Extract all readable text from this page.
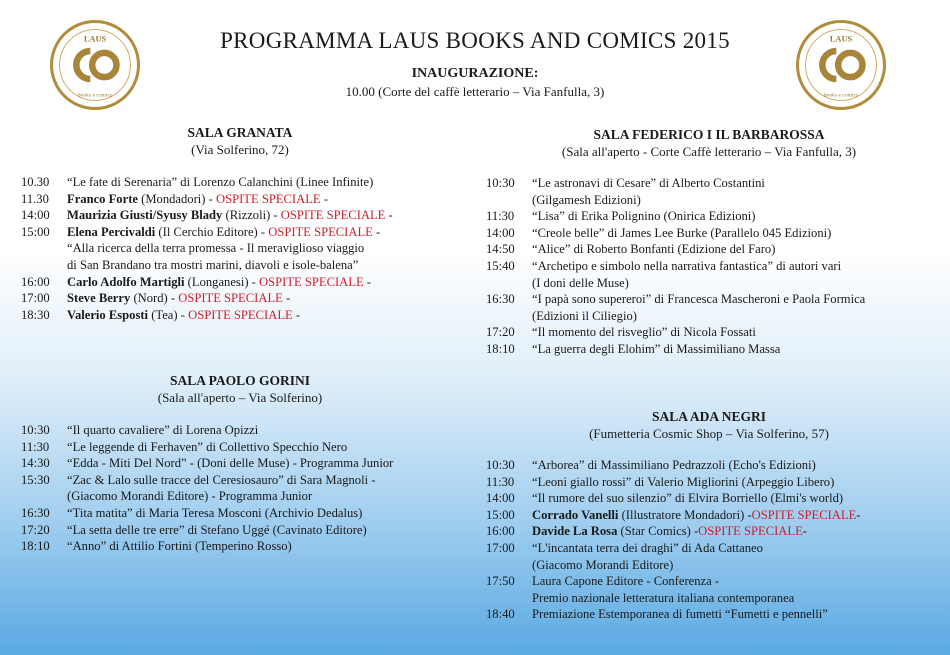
LAUS
books e comics
LAUS
books e comics
PROGRAMMA LAUS BOOKS AND COMICS 2015
INAUGURAZIONE:
10.00 (Corte del caffè letterario – Via Fanfulla, 3)
SALA GRANATA
(Via Solferino, 72)
10.30	“Le fate di Serenaria” di Lorenzo Calanchini (Linee Infinite)
11.30	Franco Forte (Mondadori) - OSPITE SPECIALE -
14:00	Maurizia Giusti/Syusy Blady (Rizzoli) - OSPITE SPECIALE -
15:00	Elena Percivaldi (Il Cerchio Editore) - OSPITE SPECIALE -
“Alla ricerca della terra promessa - Il meraviglioso viaggio
di San Brandano tra mostri marini, diavoli e isole-balena”
16:00	Carlo Adolfo Martigli (Longanesi) - OSPITE SPECIALE -
17:00	Steve Berry (Nord) - OSPITE SPECIALE -
18:30	Valerio Esposti (Tea) - OSPITE SPECIALE -
SALA PAOLO GORINI
(Sala all'aperto – Via Solferino)
10:30	“Il quarto cavaliere” di Lorena Opizzi
11:30	“Le leggende di Ferhaven” di Collettivo Specchio Nero
14:30	“Edda - Miti Del Nord” - (Doni delle Muse) - Programma Junior
15:30	“Zac & Lalo sulle tracce del Ceresiosauro” di Sara Magnoli -
(Giacomo Morandi Editore) - Programma Junior
16:30	“Tita matita” di Maria Teresa Mosconi (Archivio Dedalus)
17:20	“La setta delle tre erre” di Stefano Uggé (Cavinato Editore)
18:10	“Anno” di Attilio Fortini (Temperino Rosso)
SALA FEDERICO I IL BARBAROSSA
(Sala all'aperto - Corte Caffè letterario – Via Fanfulla, 3)
10:30	“Le astronavi di Cesare” di Alberto Costantini
(Gilgamesh Edizioni)
11:30	“Lisa” di Erika Polignino (Onirica Edizioni)
14:00	“Creole belle” di James Lee Burke (Parallelo 045 Edizioni)
14:50	“Alice” di Roberto Bonfanti (Edizione del Faro)
15:40	“Archetipo e simbolo nella narrativa fantastica” di autori vari
(I doni delle Muse)
16:30	“I papà sono supereroi” di Francesca Mascheroni e Paola Formica
(Edizioni il Ciliegio)
17:20	“Il momento del risveglio” di Nicola Fossati
18:10	“La guerra degli Elohim” di Massimiliano Massa
SALA ADA NEGRI
(Fumetteria Cosmic Shop – Via Solferino, 57)
10:30	“Arborea” di Massimiliano Pedrazzoli (Echo's Edizioni)
11:30	“Leoni giallo rossi” di Valerio Migliorini (Arpeggio Libero)
14:00	“Il rumore del suo silenzio” di Elvira Borriello (Elmi's world)
15:00	Corrado Vanelli (Illustratore Mondadori) -OSPITE SPECIALE-
16:00	Davide La Rosa (Star Comics) -OSPITE SPECIALE-
17:00	“L'incantata terra dei draghi” di Ada Cattaneo
(Giacomo Morandi Editore)
17:50	Laura Capone Editore - Conferenza -
Premio nazionale letteratura italiana contemporanea
18:40	Premiazione Estemporanea di fumetti “Fumetti e pennelli”
